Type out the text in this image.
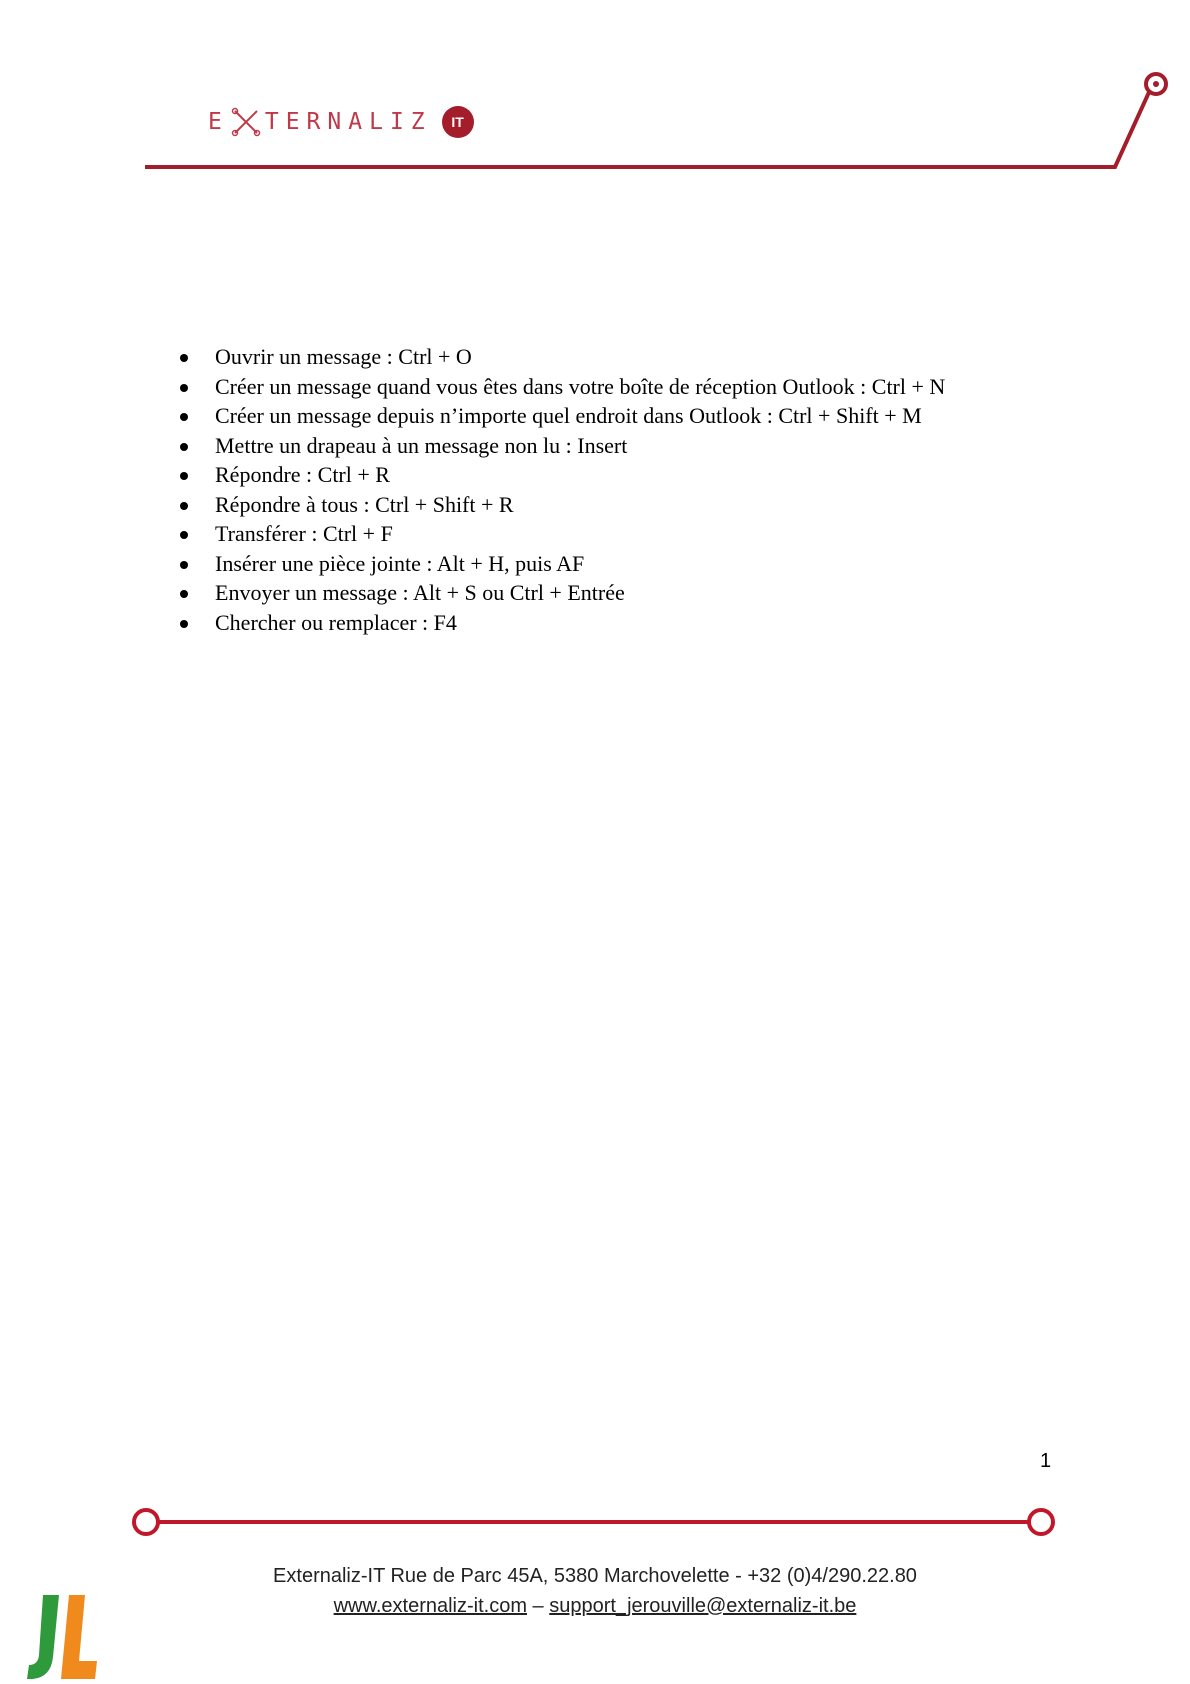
E TERNALIZ	IT
Ouvrir un message : Ctrl + O
Créer un message quand vous êtes dans votre boîte de réception Outlook : Ctrl + N
Créer un message depuis n’importe quel endroit dans Outlook : Ctrl + Shift + M
Mettre un drapeau à un message non lu : Insert
Répondre : Ctrl + R
Répondre à tous : Ctrl + Shift + R
Transférer : Ctrl + F
Insérer une pièce jointe : Alt + H, puis AF
Envoyer un message : Alt + S ou Ctrl + Entrée
Chercher ou remplacer : F4
1
Externaliz-IT Rue de Parc 45A, 5380 Marchovelette - +32 (0)4/290.22.80
www.externaliz-it.com – support_jerouville@externaliz-it.be
